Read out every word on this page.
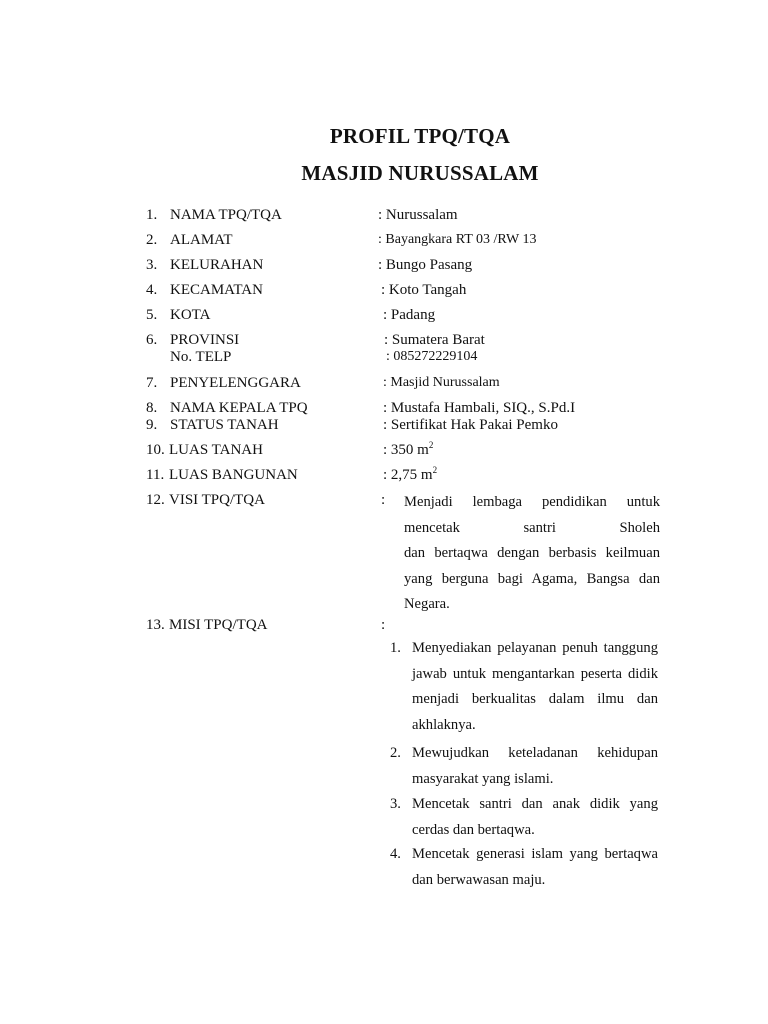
PROFIL TPQ/TQA
MASJID NURUSSALAM
1. NAMA TPQ/TQA	: Nurussalam
2. ALAMAT	: Bayangkara RT 03 /RW 13
3. KELURAHAN	: Bungo Pasang
4. KECAMATAN	: Koto Tangah
5. KOTA	: Padang
6. PROVINSI	: Sumatera Barat
No. TELP	: 085272229104
7. PENYELENGGARA	: Masjid Nurussalam
8. NAMA KEPALA TPQ	: Mustafa Hambali, SIQ., S.Pd.I
9. STATUS TANAH	: Sertifikat Hak Pakai Pemko
10. LUAS TANAH	: 350 $m^2$
11. LUAS BANGUNAN	: 2,75 $m^2$
12. VISI TPQ/TQA	: Menjadi lembaga pendidikan untuk
mencetak santri Sholeh
dan bertaqwa dengan berbasis keilmuan
yang berguna bagi Agama, Bangsa dan
Negara.
13. MISI TPQ/TQA	:
1. Menyediakan pelayanan penuh tanggung jawab untuk mengantarkan peserta didik menjadi berkualitas dalam ilmu dan akhlaknya.
2. Mewujudkan keteladanan kehidupan masyarakat yang islami.
3. Mencetak santri dan anak didik yang cerdas dan bertaqwa.
4. Mencetak generasi islam yang bertaqwa dan berwawasan maju.
